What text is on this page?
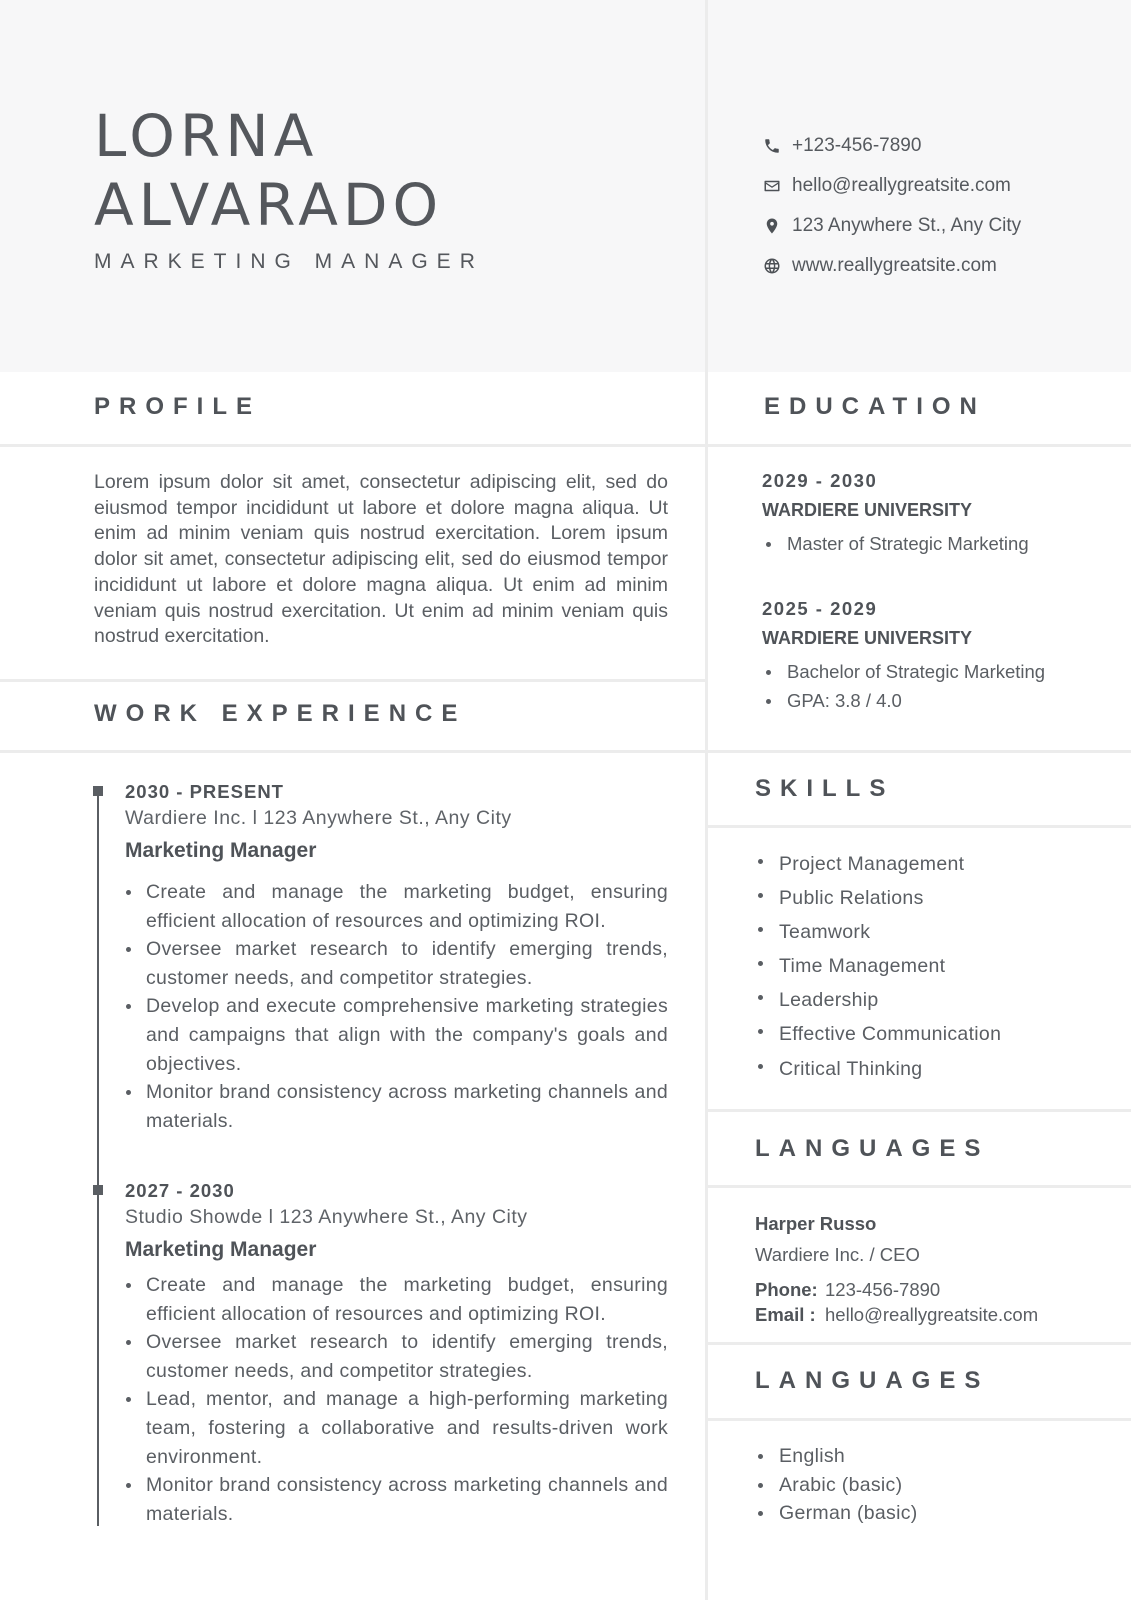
LORNA
ALVARADO
MARKETING MANAGER
+123-456-7890
hello@reallygreatsite.com
123 Anywhere St., Any City
www.reallygreatsite.com
PROFILE	EDUCATION
WORK EXPERIENCE
SKILLS
LANGUAGES
LANGUAGES
Lorem ipsum dolor sit amet, consectetur adipiscing elit, sed do eiusmod tempor incididunt ut labore et dolore magna aliqua. Ut enim ad minim veniam quis nostrud exercitation. Lorem ipsum dolor sit amet, consectetur adipiscing elit, sed do eiusmod tempor incididunt ut labore et dolore magna aliqua. Ut enim ad minim veniam quis nostrud exercitation. Ut enim ad minim veniam quis nostrud exercitation.
2030 - PRESENT
Wardiere Inc. l 123 Anywhere St., Any City
Marketing Manager
Create and manage the marketing budget, ensuring efficient allocation of resources and optimizing ROI.
Oversee market research to identify emerging trends, customer needs, and competitor strategies.
Develop and execute comprehensive marketing strategies and campaigns that align with the company's goals and objectives.
Monitor brand consistency across marketing channels and materials.
2027 - 2030
Studio Showde l 123 Anywhere St., Any City
Marketing Manager
Create and manage the marketing budget, ensuring efficient allocation of resources and optimizing ROI.
Oversee market research to identify emerging trends, customer needs, and competitor strategies.
Lead, mentor, and manage a high-performing marketing team, fostering a collaborative and results-driven work environment.
Monitor brand consistency across marketing channels and materials.
2029 - 2030
WARDIERE UNIVERSITY
Master of Strategic Marketing
2025 - 2029
WARDIERE UNIVERSITY
Bachelor of Strategic Marketing
GPA: 3.8 / 4.0
Project Management
Public Relations
Teamwork
Time Management
Leadership
Effective Communication
Critical Thinking
Harper Russo
Wardiere Inc. / CEO
Phone: 123-456-7890
Email : hello@reallygreatsite.com
English
Arabic (basic)
German (basic)
